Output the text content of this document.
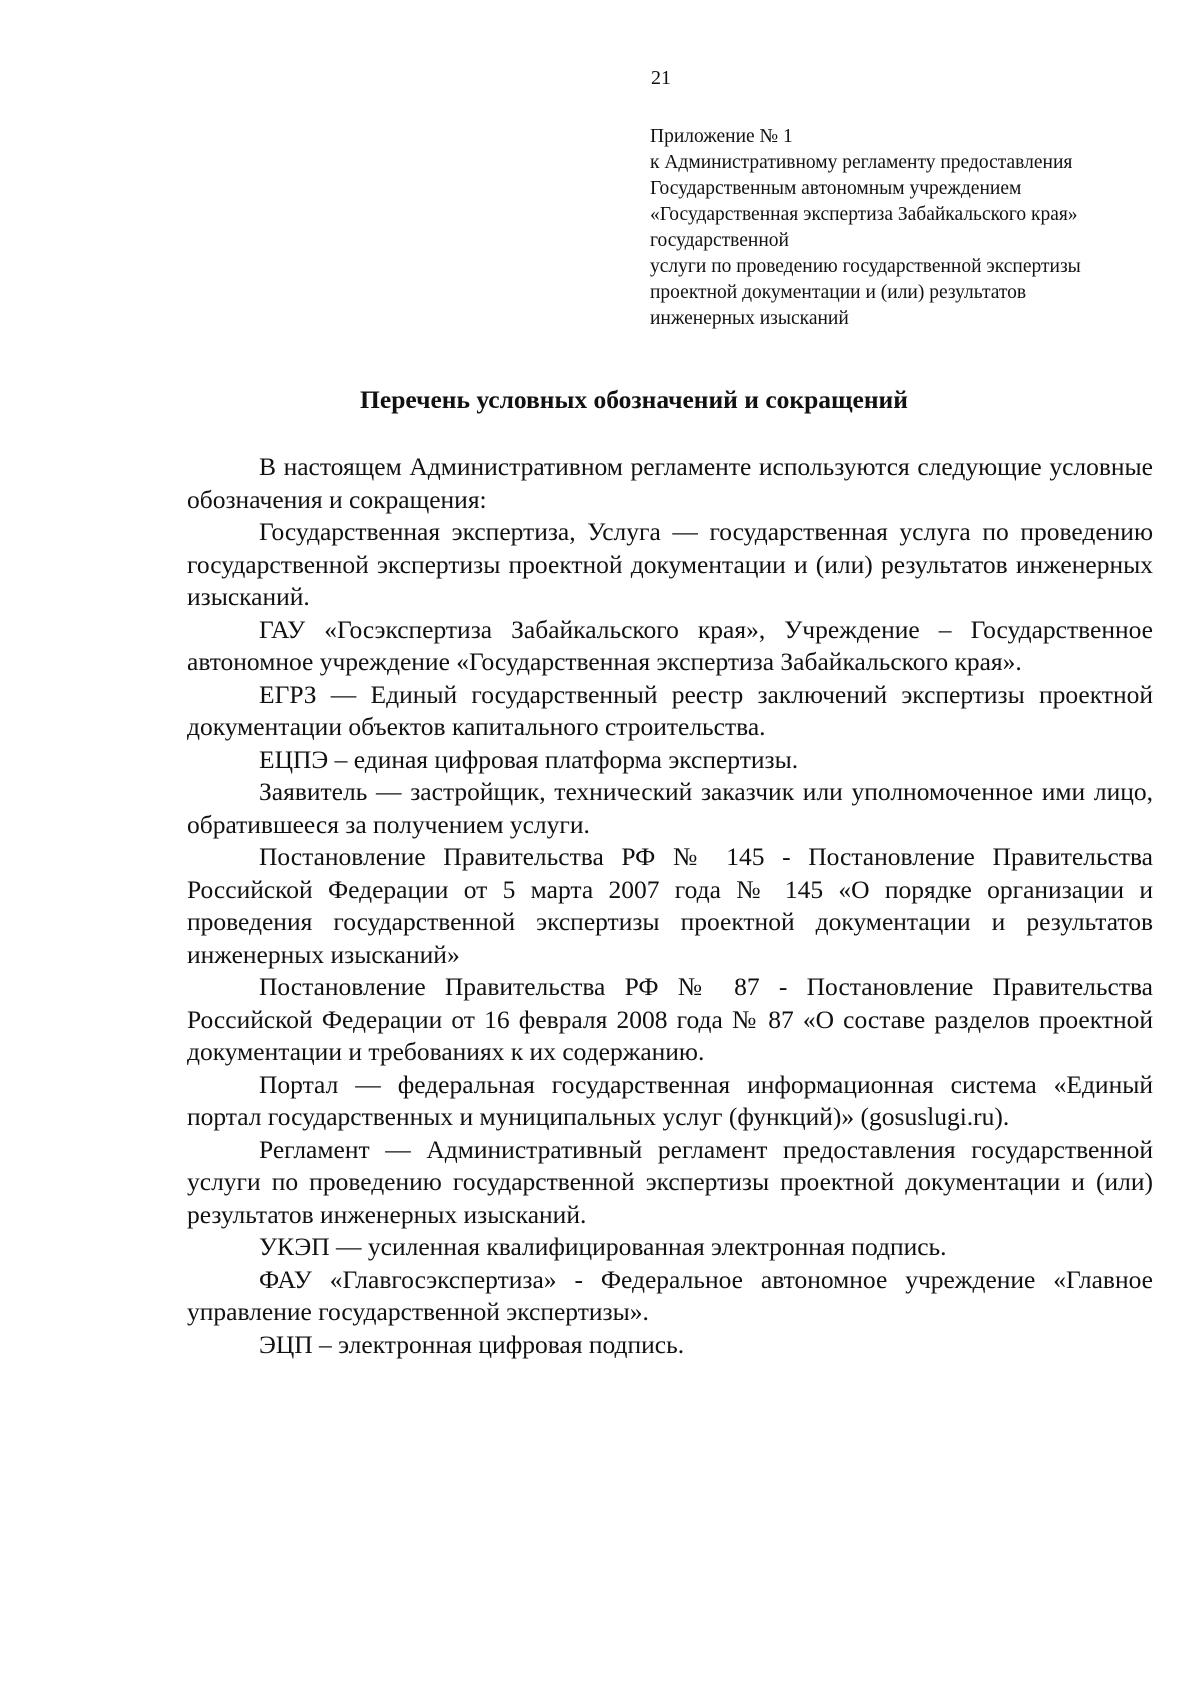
21
Приложение № 1
к Административному регламенту предоставления
Государственным автономным учреждением
«Государственная экспертиза Забайкальского края»
государственной
услуги по проведению государственной экспертизы
проектной документации и (или) результатов
инженерных изысканий
Перечень условных обозначений и сокращений

В настоящем Административном регламенте используются следующие условные обозначения и сокращения:

Государственная экспертиза, Услуга — государственная услуга по проведению государственной экспертизы проектной документации и (или) результатов инженерных изысканий.

ГАУ «Госэкспертиза Забайкальского края», Учреждение – Государственное автономное учреждение «Государственная экспертиза Забайкальского края».

ЕГРЗ — Единый государственный реестр заключений экспертизы проектной документации объектов капитального строительства.

ЕЦПЭ – единая цифровая платформа экспертизы.

Заявитель — застройщик, технический заказчик или уполномоченное ими лицо, обратившееся за получением услуги.

Постановление Правительства РФ № 145 - Постановление Правительства Российской Федерации от 5 марта 2007 года № 145 «О порядке организации и проведения государственной экспертизы проектной документации и результатов инженерных изысканий»

Постановление Правительства РФ № 87 - Постановление Правительства Российской Федерации от 16 февраля 2008 года № 87 «О составе разделов проектной документации и требованиях к их содержанию.

Портал — федеральная государственная информационная система «Единый портал государственных и муниципальных услуг (функций)» (gosuslugi.ru).

Регламент — Административный регламент предоставления государственной услуги по проведению государственной экспертизы проектной документации и (или) результатов инженерных изысканий.

УКЭП — усиленная квалифицированная электронная подпись.

ФАУ «Главгосэкспертиза» - Федеральное автономное учреждение «Главное управление государственной экспертизы».

ЭЦП – электронная цифровая подпись.
